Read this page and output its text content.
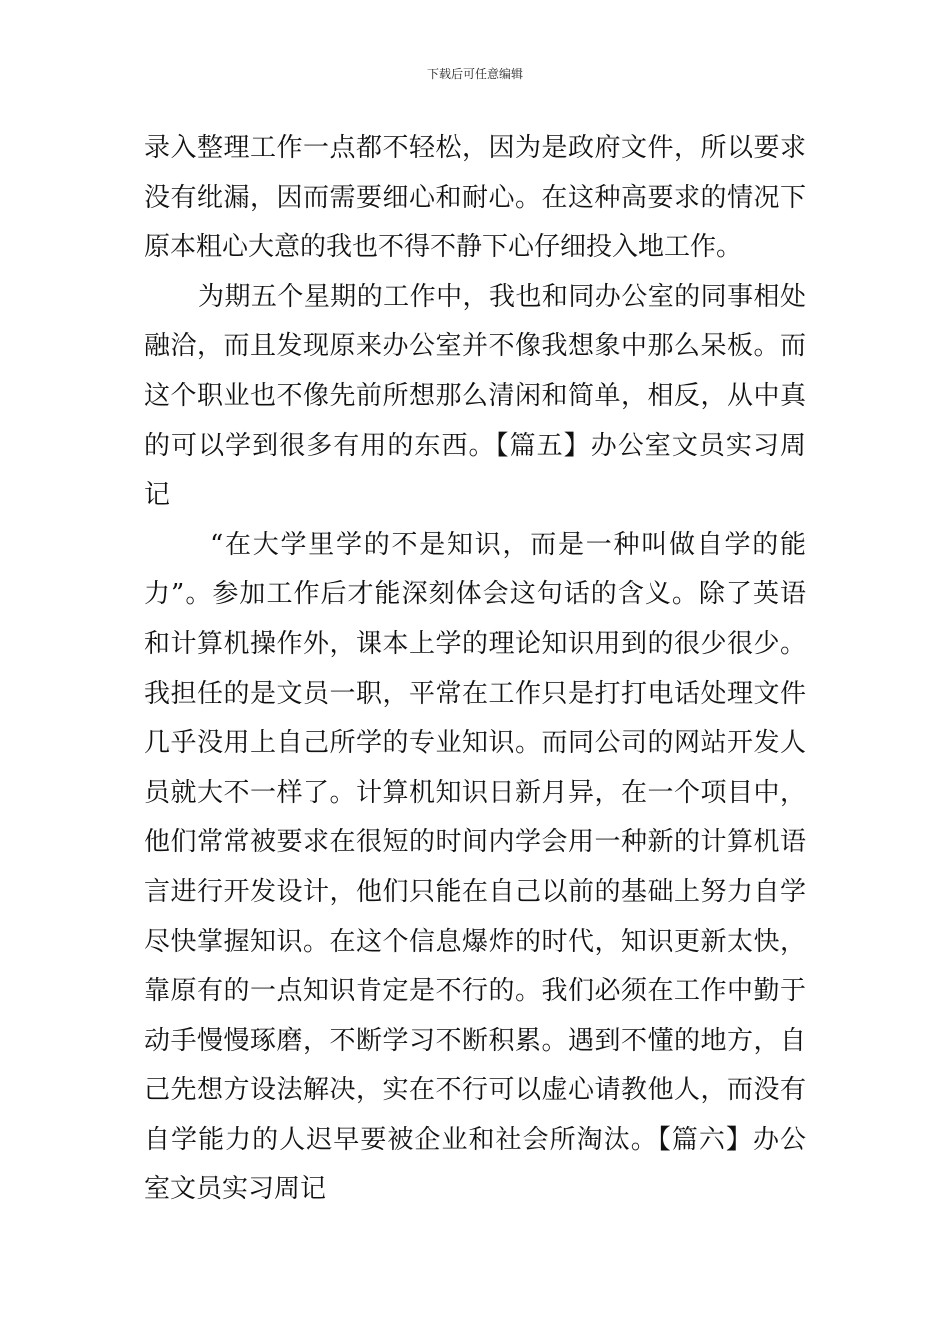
下载后可任意编辑
录入整理工作一点都不轻松，因为是政府文件，所以要求
没有纰漏，因而需要细心和耐心。在这种高要求的情况下
原本粗心大意的我也不得不静下心仔细投入地工作。
为期五个星期的工作中，我也和同办公室的同事相处
融洽，而且发现原来办公室并不像我想象中那么呆板。而
这个职业也不像先前所想那么清闲和简单，相反，从中真
的可以学到很多有用的东西。【篇五】办公室文员实习周
记
“在大学里学的不是知识，而是一种叫做自学的能
力”。参加工作后才能深刻体会这句话的含义。除了英语
和计算机操作外，课本上学的理论知识用到的很少很少。
我担任的是文员一职，平常在工作只是打打电话处理文件
几乎没用上自己所学的专业知识。而同公司的网站开发人
员就大不一样了。计算机知识日新月异，在一个项目中，
他们常常被要求在很短的时间内学会用一种新的计算机语
言进行开发设计，他们只能在自己以前的基础上努力自学
尽快掌握知识。在这个信息爆炸的时代，知识更新太快，
靠原有的一点知识肯定是不行的。我们必须在工作中勤于
动手慢慢琢磨，不断学习不断积累。遇到不懂的地方，自
己先想方设法解决，实在不行可以虚心请教他人，而没有
自学能力的人迟早要被企业和社会所淘汰。【篇六】办公
室文员实习周记
